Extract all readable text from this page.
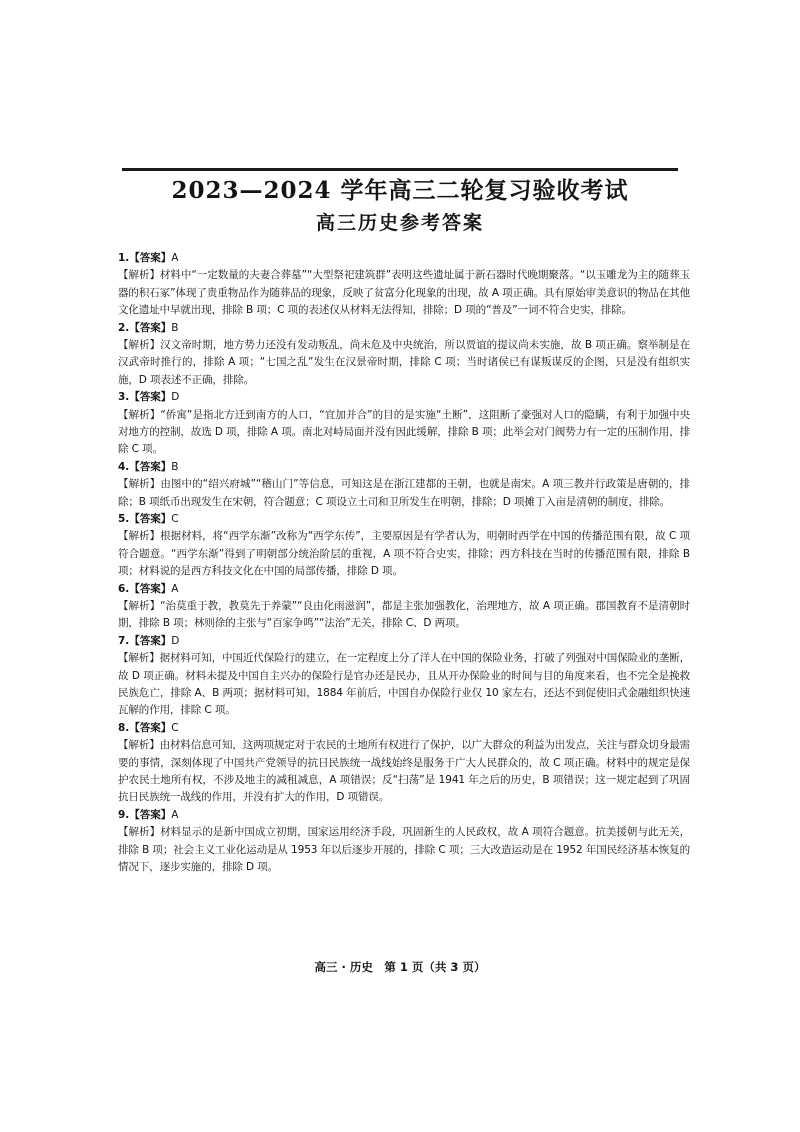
2023—2024 学年高三二轮复习验收考试
高三历史参考答案
1.【答案】A
【解析】材料中“一定数量的夫妻合葬墓”“大型祭祀建筑群”表明这些遗址属于新石器时代晚期聚落。“以玉雕龙为主的随葬玉器的积石冢”体现了贵重物品作为随葬品的现象，反映了贫富分化现象的出现，故 A 项正确。具有原始审美意识的物品在其他文化遗址中早就出现，排除 B 项；C 项的表述仅从材料无法得知，排除；D 项的“普及”一词不符合史实，排除。
2.【答案】B
【解析】汉文帝时期，地方势力还没有发动叛乱，尚未危及中央统治，所以贾谊的提议尚未实施，故 B 项正确。察举制是在汉武帝时推行的，排除 A 项；“七国之乱”发生在汉景帝时期，排除 C 项；当时诸侯已有谋叛谋反的企图，只是没有组织实施，D 项表述不正确，排除。
3.【答案】D
【解析】“侨寓”是指北方迁到南方的人口，“宜加并合”的目的是实施“土断”，这阻断了豪强对人口的隐瞒，有利于加强中央对地方的控制，故选 D 项，排除 A 项。南北对峙局面并没有因此缓解，排除 B 项；此举会对门阀势力有一定的压制作用，排除 C 项。
4.【答案】B
【解析】由图中的“绍兴府城”“稽山门”等信息，可知这是在浙江建都的王朝，也就是南宋。A 项三教并行政策是唐朝的，排除；B 项纸币出现发生在宋朝，符合题意；C 项设立土司和卫所发生在明朝，排除；D 项摊丁入亩是清朝的制度，排除。
5.【答案】C
【解析】根据材料，将“西学东渐”改称为“西学东传”，主要原因是有学者认为，明朝时西学在中国的传播范围有限，故 C 项符合题意。“西学东渐”得到了明朝部分统治阶层的重视，A 项不符合史实，排除；西方科技在当时的传播范围有限，排除 B 项；材料说的是西方科技文化在中国的局部传播，排除 D 项。
6.【答案】A
【解析】“治莫重于教，教莫先于养蒙”“良由化雨滋润”，都是主张加强教化，治理地方，故 A 项正确。郡国教育不是清朝时期，排除 B 项；林则徐的主张与“百家争鸣”“法治”无关，排除 C、D 两项。
7.【答案】D
【解析】据材料可知，中国近代保险行的建立，在一定程度上分了洋人在中国的保险业务，打破了列强对中国保险业的垄断，故 D 项正确。材料未提及中国自主兴办的保险行是官办还是民办，且从开办保险业的时间与目的角度来看，也不完全是挽救民族危亡，排除 A、B 两项；据材料可知，1884 年前后，中国自办保险行业仅 10 家左右，还达不到促使旧式金融组织快速瓦解的作用，排除 C 项。
8.【答案】C
【解析】由材料信息可知，这两项规定对于农民的土地所有权进行了保护，以广大群众的利益为出发点，关注与群众切身最需要的事情，深刻体现了中国共产党领导的抗日民族统一战线始终是服务于广大人民群众的，故 C 项正确。材料中的规定是保护农民土地所有权，不涉及地主的减租减息，A 项错误；反“扫荡”是 1941 年之后的历史，B 项错误；这一规定起到了巩固抗日民族统一战线的作用，并没有扩大的作用，D 项错误。
9.【答案】A
【解析】材料显示的是新中国成立初期，国家运用经济手段，巩固新生的人民政权，故 A 项符合题意。抗美援朝与此无关，排除 B 项；社会主义工业化运动是从 1953 年以后逐步开展的，排除 C 项；三大改造运动是在 1952 年国民经济基本恢复的情况下，逐步实施的，排除 D 项。
高三 · 历史　第 1 页（共 3 页）
